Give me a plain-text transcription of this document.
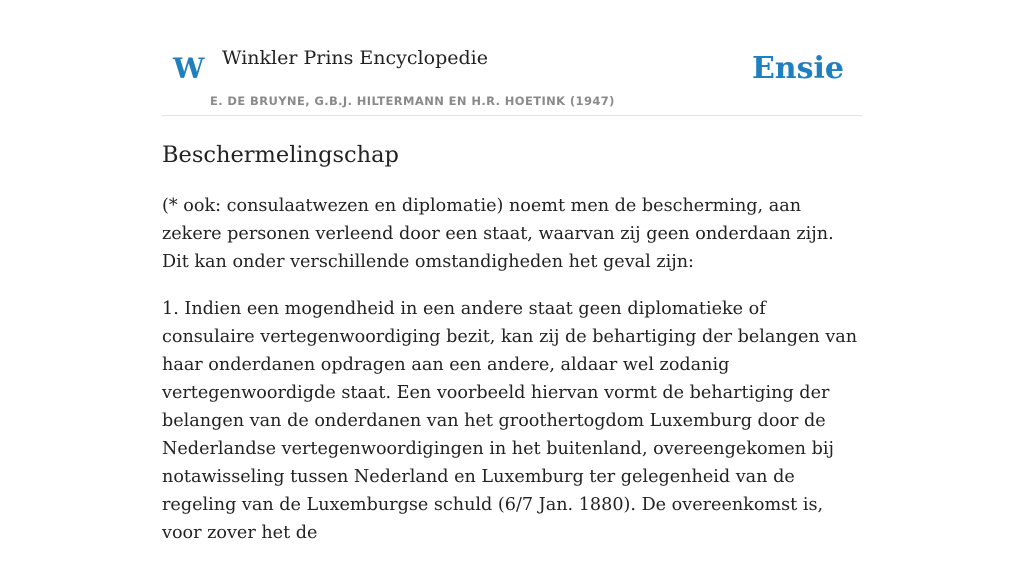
W Winkler Prins Encyclopedie
E. DE BRUYNE, G.B.J. HILTERMANN EN H.R. HOETINK (1947)
Ensie
Beschermelingschap

(* ook: consulaatwezen en diplomatie) noemt men de bescherming, aan zekere personen verleend door een staat, waarvan zij geen onderdaan zijn. Dit kan onder verschillende omstandigheden het geval zijn:

1. Indien een mogendheid in een andere staat geen diplomatieke of consulaire vertegenwoordiging bezit, kan zij de behartiging der belangen van haar onderdanen opdragen aan een andere, aldaar wel zodanig vertegenwoordigde staat. Een voorbeeld hiervan vormt de behartiging der belangen van de onderdanen van het groothertogdom Luxemburg door de Nederlandse vertegenwoordigingen in het buitenland, overeengekomen bij notawisseling tussen Nederland en Luxemburg ter gelegenheid van de regeling van de Luxemburgse schuld (6/7 Jan. 1880). De overeenkomst is, voor zover het de
